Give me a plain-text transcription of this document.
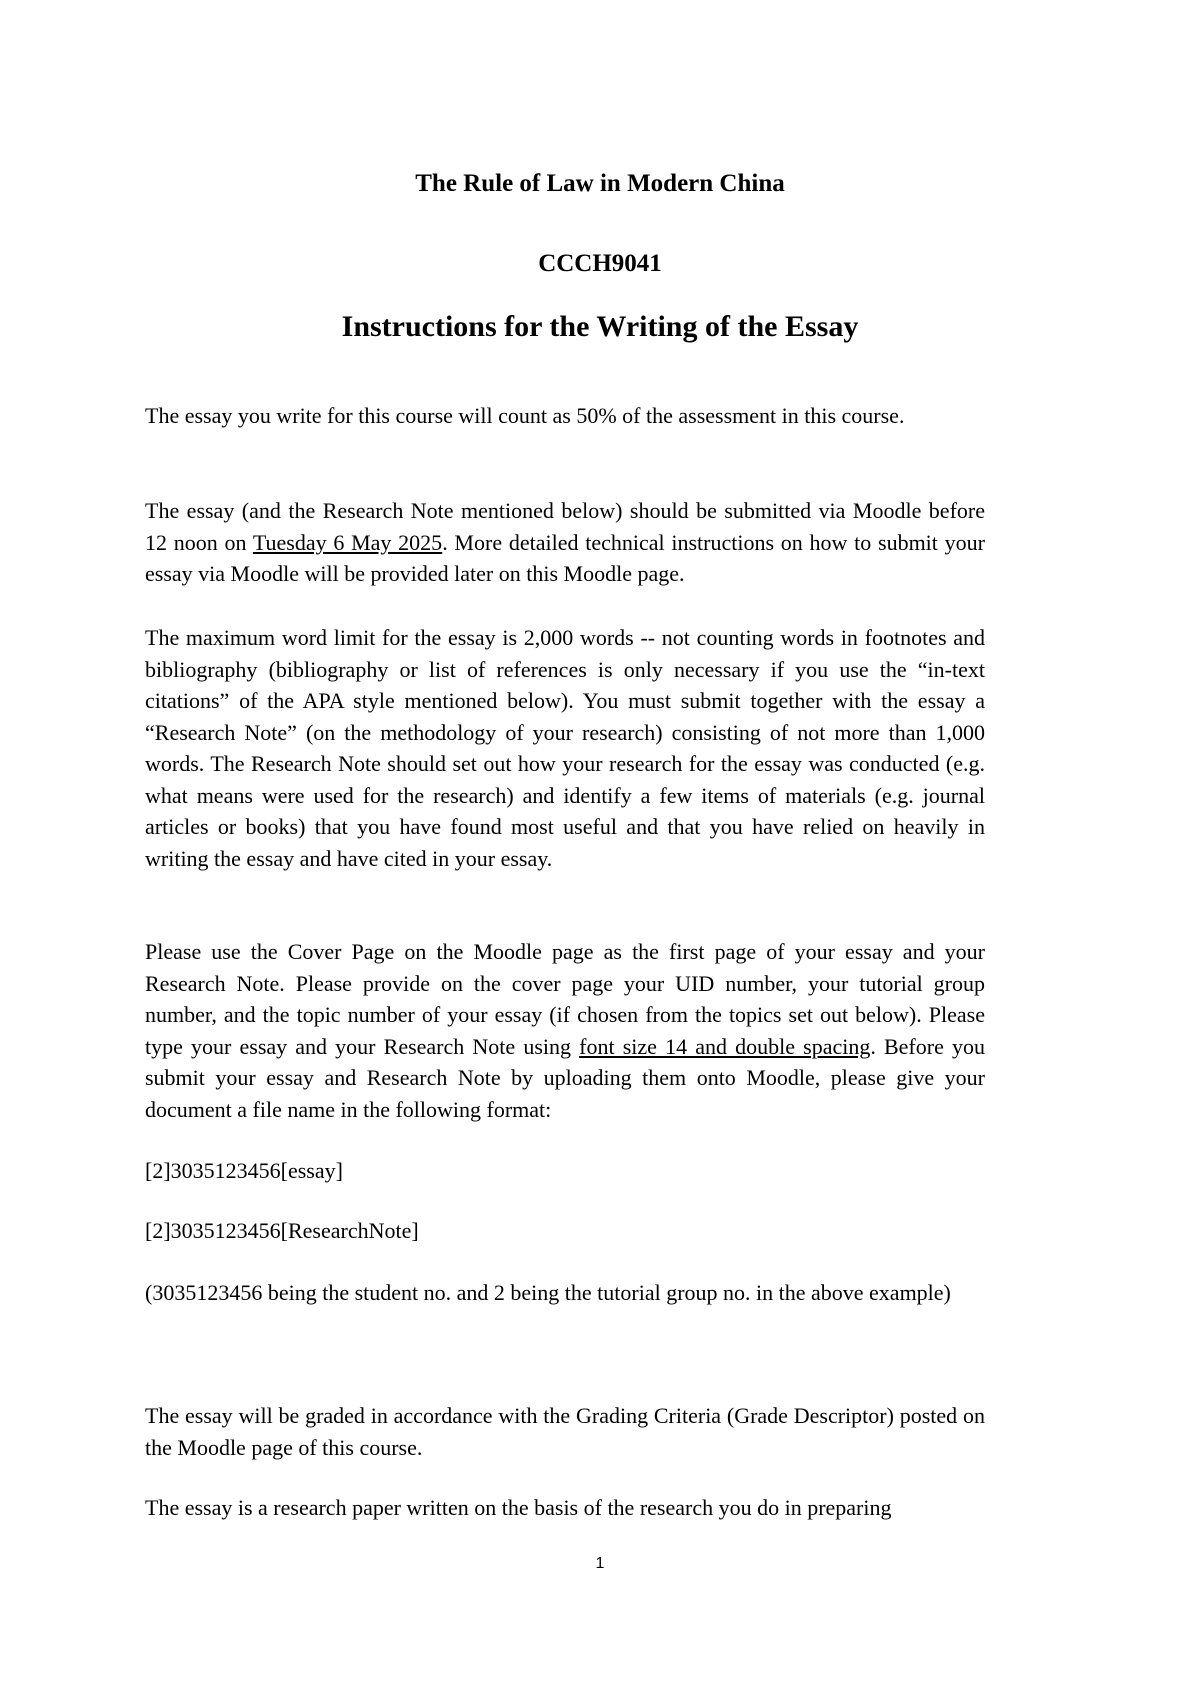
The Rule of Law in Modern China
CCCH9041
Instructions for the Writing of the Essay

The essay you write for this course will count as 50% of the assessment in this course.

The essay (and the Research Note mentioned below) should be submitted via Moodle before 12 noon on Tuesday 6 May 2025. More detailed technical instructions on how to submit your essay via Moodle will be provided later on this Moodle page.

The maximum word limit for the essay is 2,000 words -- not counting words in footnotes and bibliography (bibliography or list of references is only necessary if you use the “in-text citations” of the APA style mentioned below). You must submit together with the essay a “Research Note” (on the methodology of your research) consisting of not more than 1,000 words. The Research Note should set out how your research for the essay was conducted (e.g. what means were used for the research) and identify a few items of materials (e.g. journal articles or books) that you have found most useful and that you have relied on heavily in writing the essay and have cited in your essay.

Please use the Cover Page on the Moodle page as the first page of your essay and your Research Note. Please provide on the cover page your UID number, your tutorial group number, and the topic number of your essay (if chosen from the topics set out below). Please type your essay and your Research Note using font size 14 and double spacing. Before you submit your essay and Research Note by uploading them onto Moodle, please give your document a file name in the following format:

[2]3035123456[essay]

[2]3035123456[ResearchNote]

(3035123456 being the student no. and 2 being the tutorial group no. in the above example)

The essay will be graded in accordance with the Grading Criteria (Grade Descriptor) posted on the Moodle page of this course.

The essay is a research paper written on the basis of the research you do in preparing

1
